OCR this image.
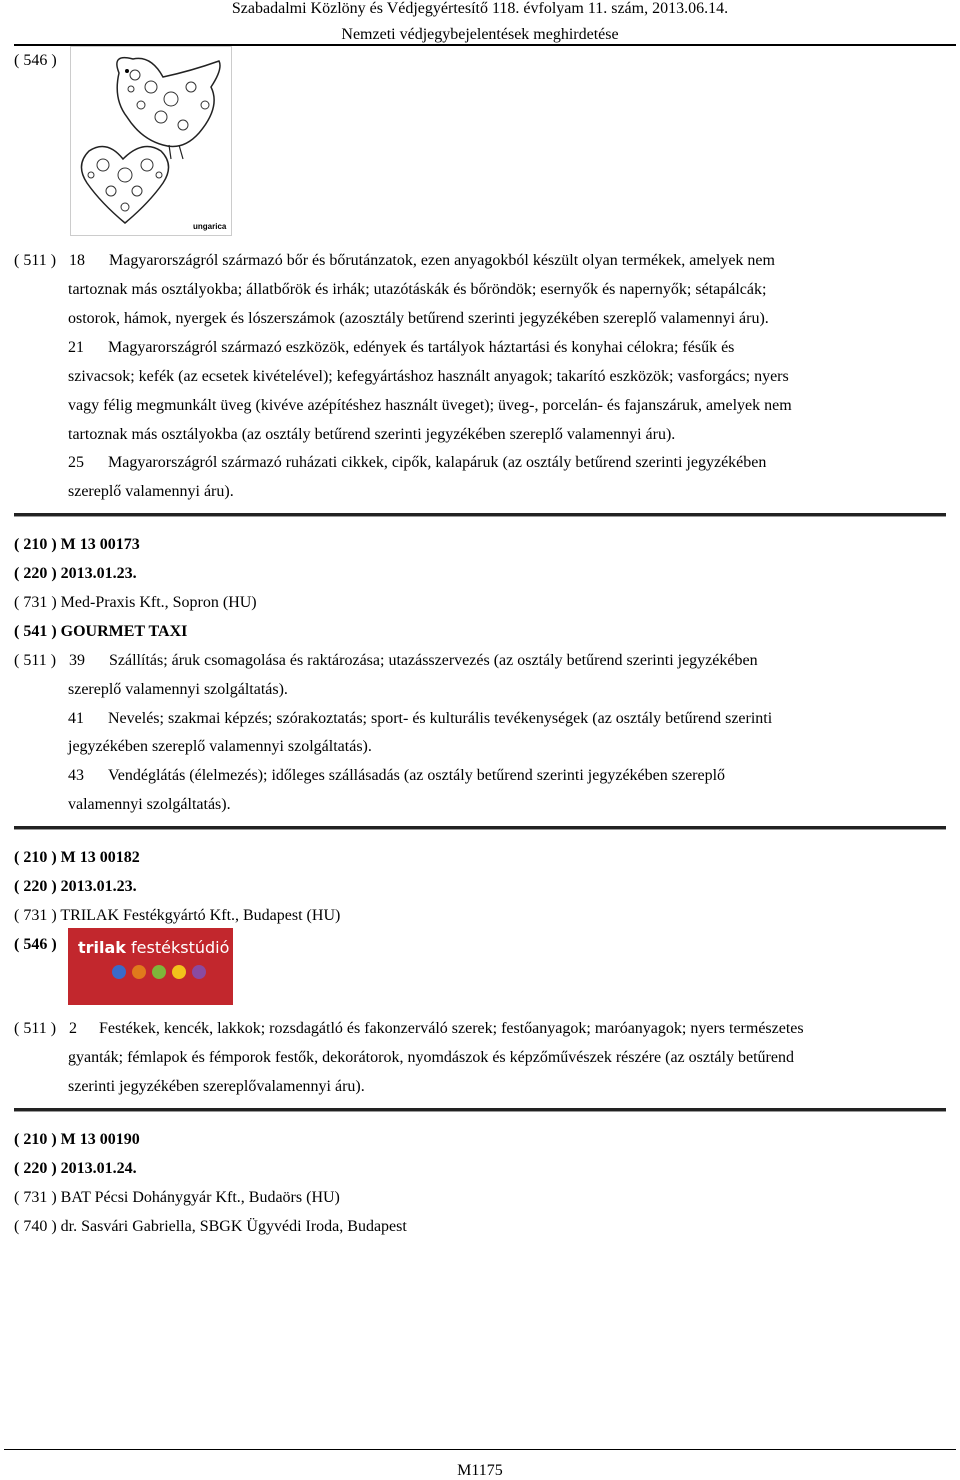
Szabadalmi Közlöny és Védjegyértesítő 118. évfolyam 11. szám, 2013.06.14.
Nemzeti védjegybejelentések meghirdetése
( 546 )
ungarica
( 511 ) 18 Magyarországról származó bőr és bőrutánzatok, ezen anyagokból készült olyan termékek, amelyek nem
tartoznak más osztályokba; állatbőrök és irhák; utazótáskák és bőröndök; esernyők és napernyők; sétapálcák;
ostorok, hámok, nyergek és lószerszámok (azosztály betűrend szerinti jegyzékében szereplő valamennyi áru).
21 Magyarországról származó eszközök, edények és tartályok háztartási és konyhai célokra; fésűk és
szivacsok; kefék (az ecsetek kivételével); kefegyártáshoz használt anyagok; takarító eszközök; vasforgács; nyers
vagy félig megmunkált üveg (kivéve azépítéshez használt üveget); üveg-, porcelán- és fajanszáruk, amelyek nem
tartoznak más osztályokba (az osztály betűrend szerinti jegyzékében szereplő valamennyi áru).
25 Magyarországról származó ruházati cikkek, cipők, kalapáruk (az osztály betűrend szerinti jegyzékében
szereplő valamennyi áru).
( 210 ) M 13 00173
( 220 ) 2013.01.23.
( 731 ) Med-Praxis Kft., Sopron (HU)
( 541 ) GOURMET TAXI
( 511 ) 39 Szállítás; áruk csomagolása és raktározása; utazásszervezés (az osztály betűrend szerinti jegyzékében
szereplő valamennyi szolgáltatás).
41 Nevelés; szakmai képzés; szórakoztatás; sport- és kulturális tevékenységek (az osztály betűrend szerinti
jegyzékében szereplő valamennyi szolgáltatás).
43 Vendéglátás (élelmezés); időleges szállásadás (az osztály betűrend szerinti jegyzékében szereplő
valamennyi szolgáltatás).
( 210 ) M 13 00182
( 220 ) 2013.01.23.
( 731 ) TRILAK Festékgyártó Kft., Budapest (HU)
( 546 ) trilak festékstúdió
( 511 ) 2 Festékek, kencék, lakkok; rozsdagátló és fakonzerváló szerek; festőanyagok; maróanyagok; nyers természetes
gyanták; fémlapok és fémporok festők, dekorátorok, nyomdászok és képzőművészek részére (az osztály betűrend
szerinti jegyzékében szereplővalamennyi áru).
( 210 ) M 13 00190
( 220 ) 2013.01.24.
( 731 ) BAT Pécsi Dohánygyár Kft., Budaörs (HU)
( 740 ) dr. Sasvári Gabriella, SBGK Ügyvédi Iroda, Budapest
M1175
